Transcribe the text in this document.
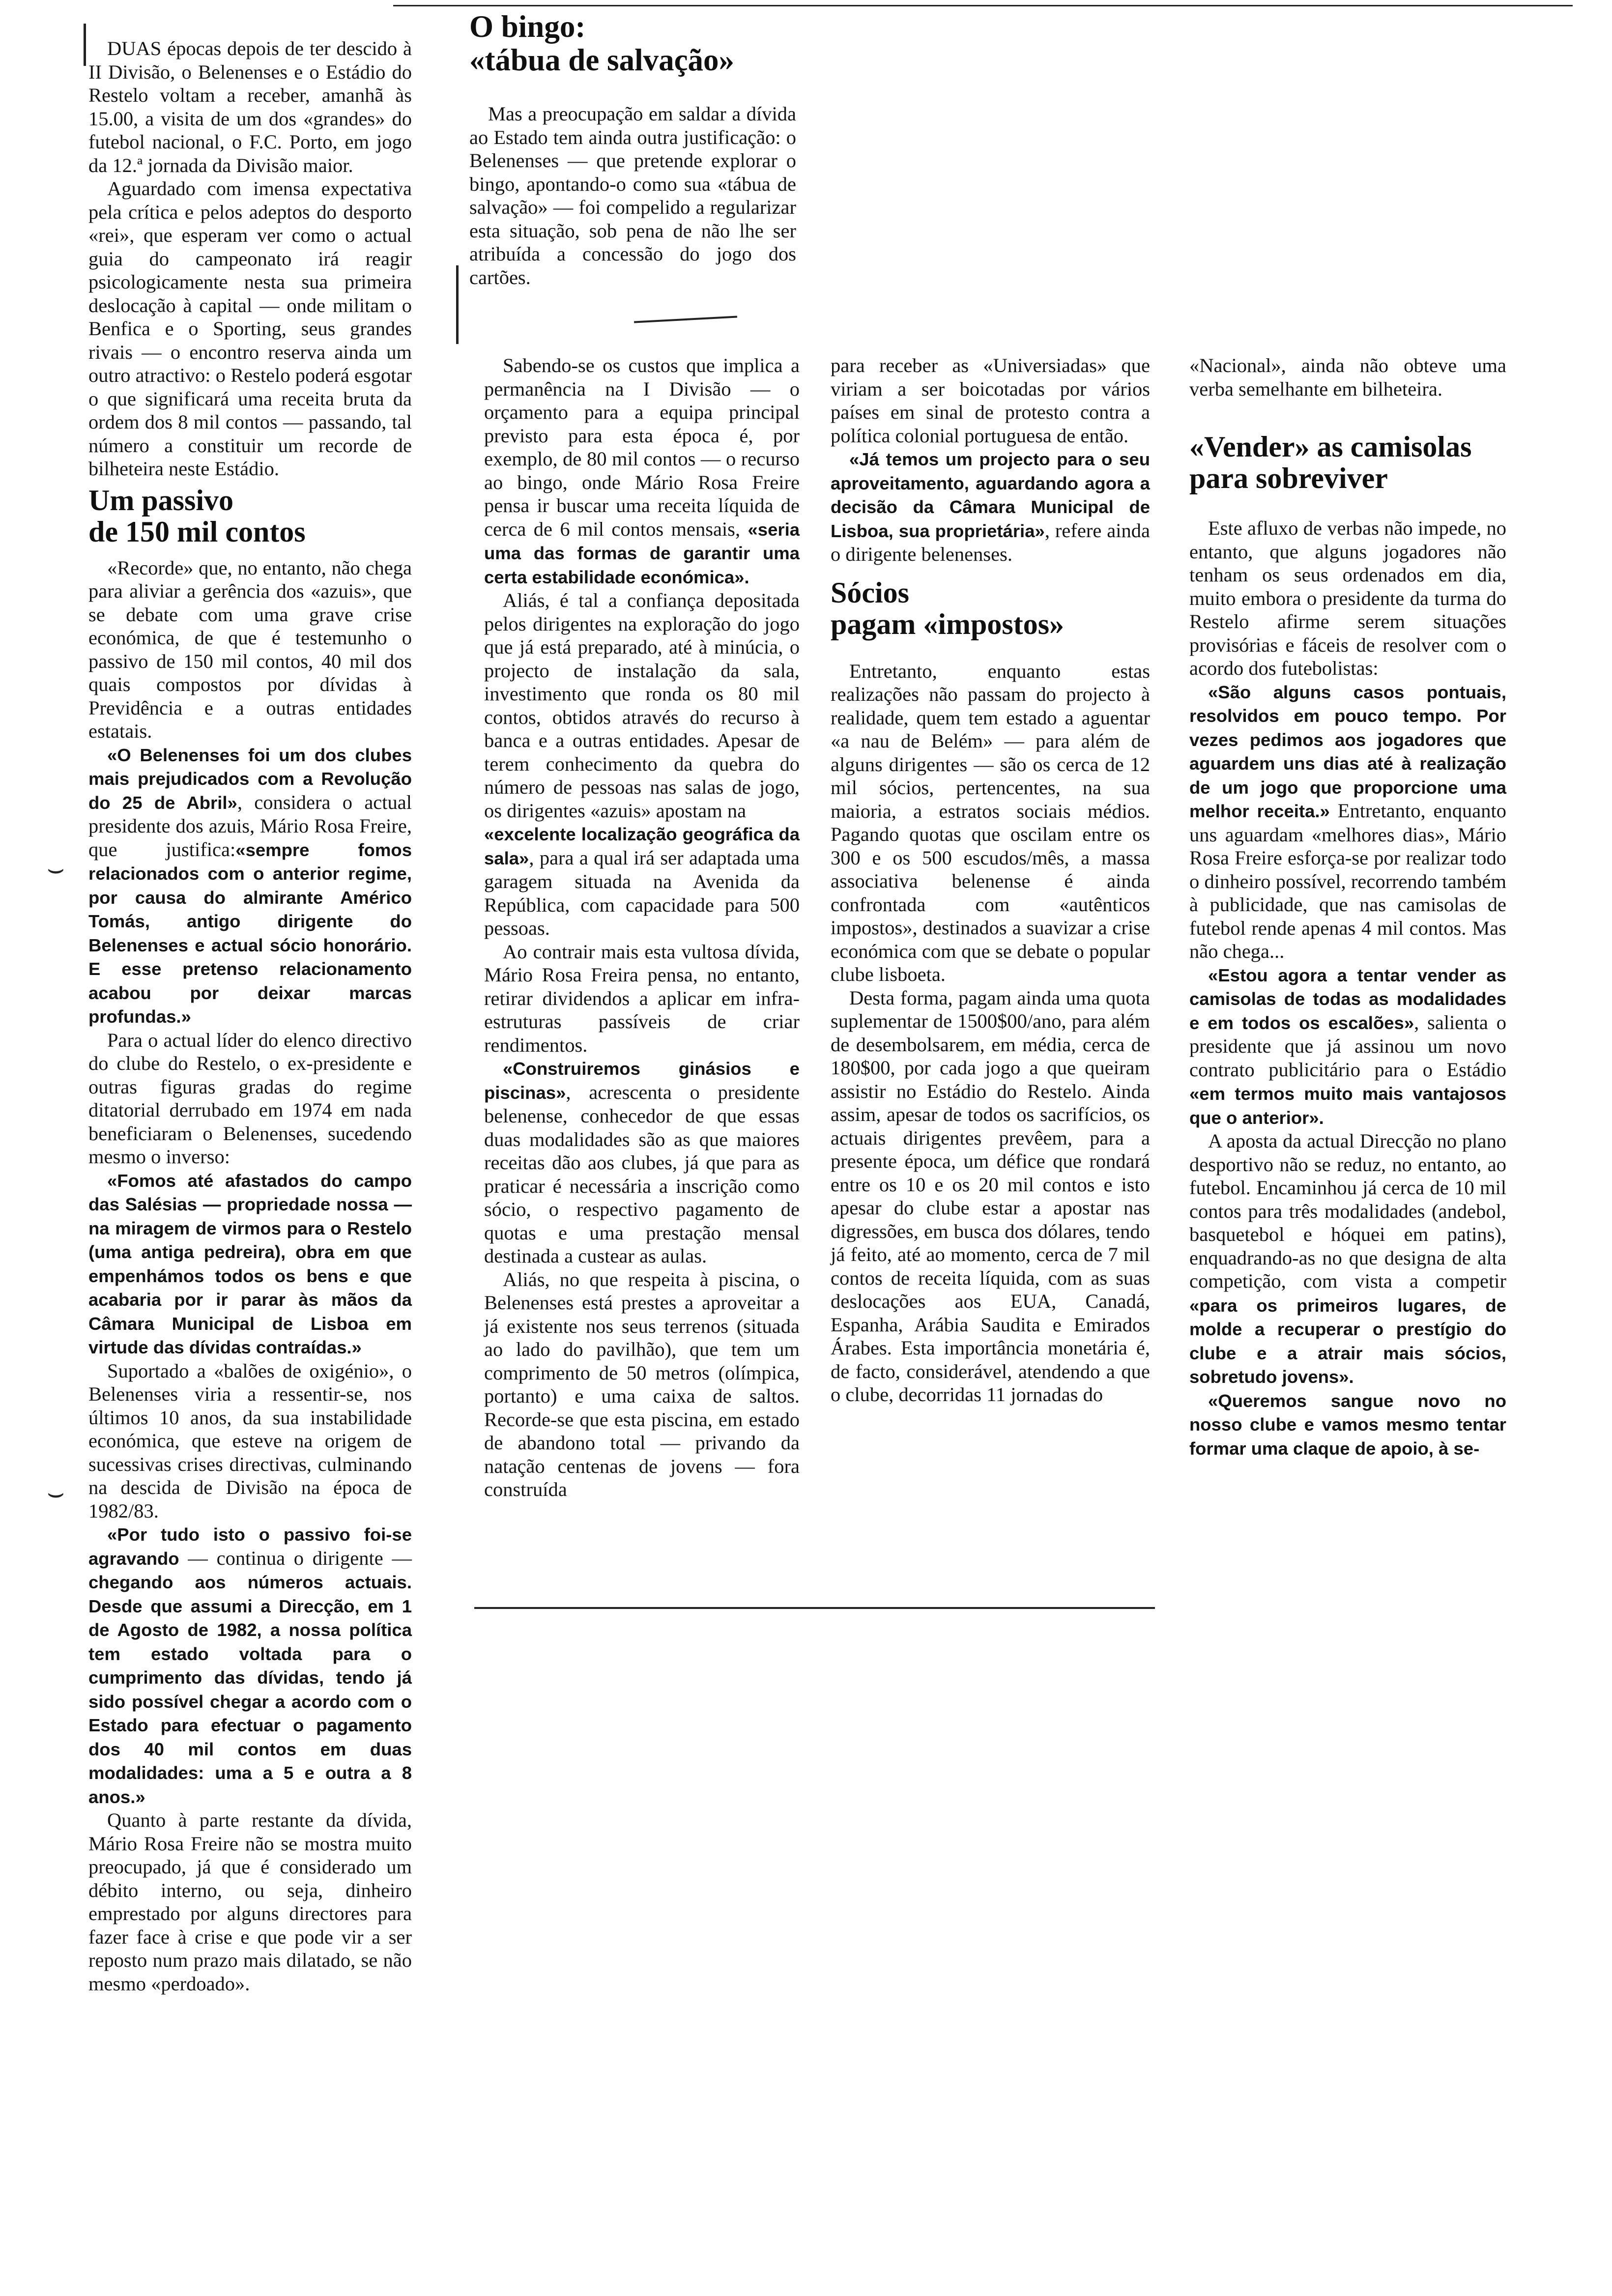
⌣
⌣

DUAS épocas depois de ter descido à II Divisão, o Belenenses e o Estádio do Restelo voltam a receber, amanhã às 15.00, a visita de um dos «grandes» do futebol nacional, o F.C. Porto, em jogo da 12.ª jornada da Divisão maior.

Aguardado com imensa expectativa pela crítica e pelos adeptos do desporto «rei», que esperam ver como o actual guia do campeonato irá reagir psicologicamente nesta sua primeira deslocação à capital — onde militam o Benfica e o Sporting, seus grandes rivais — o encontro reserva ainda um outro atractivo: o Restelo poderá esgotar o que significará uma receita bruta da ordem dos 8 mil contos — passando, tal número a constituir um recorde de bilheteira neste Estádio.

Um passivo
de 150 mil contos

«Recorde» que, no entanto, não chega para aliviar a gerência dos «azuis», que se debate com uma grave crise económica, de que é testemunho o passivo de 150 mil contos, 40 mil dos quais compostos por dívidas à Previdência e a outras entidades estatais.

«O Belenenses foi um dos clubes mais prejudicados com a Revolução do 25 de Abril», considera o actual presidente dos azuis, Mário Rosa Freire, que justifica:«sempre fomos relacionados com o anterior regime, por causa do almirante Américo Tomás, antigo dirigente do Belenenses e actual sócio honorário. E esse pretenso relacionamento acabou por deixar marcas profundas.»

Para o actual líder do elenco directivo do clube do Restelo, o ex-presidente e outras figuras gradas do regime ditatorial derrubado em 1974 em nada beneficiaram o Belenenses, sucedendo mesmo o inverso:

«Fomos até afastados do campo das Salésias — propriedade nossa — na miragem de virmos para o Restelo (uma antiga pedreira), obra em que empenhámos todos os bens e que acabaria por ir parar às mãos da Câmara Municipal de Lisboa em virtude das dívidas contraídas.»

Suportado a «balões de oxigénio», o Belenenses viria a ressentir-se, nos últimos 10 anos, da sua instabilidade económica, que esteve na origem de sucessivas crises directivas, culminando na descida de Divisão na época de 1982/83.

«Por tudo isto o passivo foi-se agravando — continua o dirigente — chegando aos números actuais. Desde que assumi a Direcção, em 1 de Agosto de 1982, a nossa política tem estado voltada para o cumprimento das dívidas, tendo já sido possível chegar a acordo com o Estado para efectuar o pagamento dos 40 mil contos em duas modalidades: uma a 5 e outra a 8 anos.»

Quanto à parte restante da dívida, Mário Rosa Freire não se mostra muito preocupado, já que é considerado um débito interno, ou seja, dinheiro emprestado por alguns directores para fazer face à crise e que pode vir a ser reposto num prazo mais dilatado, se não mesmo «perdoado».

O bingo:
«tábua de salvação»

Mas a preocupação em saldar a dívida ao Estado tem ainda outra justificação: o Belenenses — que pretende explorar o bingo, apontando-o como sua «tábua de salvação» — foi compelido a regularizar esta situação, sob pena de não lhe ser atribuída a concessão do jogo dos cartões.

Sabendo-se os custos que implica a permanência na I Divisão — o orçamento para a equipa principal previsto para esta época é, por exemplo, de 80 mil contos — o recurso ao bingo, onde Mário Rosa Freire pensa ir buscar uma receita líquida de cerca de 6 mil contos mensais, «seria uma das formas de garantir uma certa estabilidade económica».

Aliás, é tal a confiança depositada pelos dirigentes na exploração do jogo que já está preparado, até à minúcia, o projecto de instalação da sala, investimento que ronda os 80 mil contos, obtidos através do recurso à banca e a outras entidades. Apesar de terem conhecimento da quebra do número de pessoas nas salas de jogo, os dirigentes «azuis» apostam na

«excelente localização geográfica da sala», para a qual irá ser adaptada uma garagem situada na Avenida da República, com capacidade para 500 pessoas.

Ao contrair mais esta vultosa dívida, Mário Rosa Freira pensa, no entanto, retirar dividendos a aplicar em infra-estruturas passíveis de criar rendimentos.

«Construiremos ginásios e piscinas», acrescenta o presidente belenense, conhecedor de que essas duas modalidades são as que maiores receitas dão aos clubes, já que para as praticar é necessária a inscrição como sócio, o respectivo pagamento de quotas e uma prestação mensal destinada a custear as aulas.

Aliás, no que respeita à piscina, o Belenenses está prestes a aproveitar a já existente nos seus terrenos (situada ao lado do pavilhão), que tem um comprimento de 50 metros (olímpica, portanto) e uma caixa de saltos. Recorde-se que esta piscina, em estado de abandono total — privando da natação centenas de jovens — fora construída

para receber as «Universiadas» que viriam a ser boicotadas por vários países em sinal de protesto contra a política colonial portuguesa de então.

«Já temos um projecto para o seu aproveitamento, aguardando agora a decisão da Câmara Municipal de Lisboa, sua proprietária», refere ainda o dirigente belenenses.

Sócios
pagam «impostos»

Entretanto, enquanto estas realizações não passam do projecto à realidade, quem tem estado a aguentar «a nau de Belém» — para além de alguns dirigentes — são os cerca de 12 mil sócios, pertencentes, na sua maioria, a estratos sociais médios. Pagando quotas que oscilam entre os 300 e os 500 escudos/mês, a massa associativa belenense é ainda confrontada com «autênticos impostos», destinados a suavizar a crise económica com que se debate o popular clube lisboeta.

Desta forma, pagam ainda uma quota suplementar de 1500$00/ano, para além de desembolsarem, em média, cerca de 180$00, por cada jogo a que queiram assistir no Estádio do Restelo. Ainda assim, apesar de todos os sacrifícios, os actuais dirigentes prevêem, para a presente época, um défice que rondará entre os 10 e os 20 mil contos e isto apesar do clube estar a apostar nas digressões, em busca dos dólares, tendo já feito, até ao momento, cerca de 7 mil contos de receita líquida, com as suas deslocações aos EUA, Canadá, Espanha, Arábia Saudita e Emirados Árabes. Esta importância monetária é, de facto, considerável, atendendo a que o clube, decorridas 11 jornadas do

«Nacional», ainda não obteve uma verba semelhante em bilheteira.

«Vender» as camisolas
para sobreviver

Este afluxo de verbas não impede, no entanto, que alguns jogadores não tenham os seus ordenados em dia, muito embora o presidente da turma do Restelo afirme serem situações provisórias e fáceis de resolver com o acordo dos futebolistas:

«São alguns casos pontuais, resolvidos em pouco tempo. Por vezes pedimos aos jogadores que aguardem uns dias até à realização de um jogo que proporcione uma melhor receita.» Entretanto, enquanto uns aguardam «melhores dias», Mário Rosa Freire esforça-se por realizar todo o dinheiro possível, recorrendo também à publicidade, que nas camisolas de futebol rende apenas 4 mil contos. Mas não chega...

«Estou agora a tentar vender as camisolas de todas as modalidades e em todos os escalões», salienta o presidente que já assinou um novo contrato publicitário para o Estádio «em termos muito mais vantajosos que o anterior».

A aposta da actual Direcção no plano desportivo não se reduz, no entanto, ao futebol. Encaminhou já cerca de 10 mil contos para três modalidades (andebol, basquetebol e hóquei em patins), enquadrando-as no que designa de alta competição, com vista a competir «para os primeiros lugares, de molde a recuperar o prestígio do clube e a atrair mais sócios, sobretudo jovens».

«Queremos sangue novo no nosso clube e vamos mesmo tentar formar uma claque de apoio, à se-
